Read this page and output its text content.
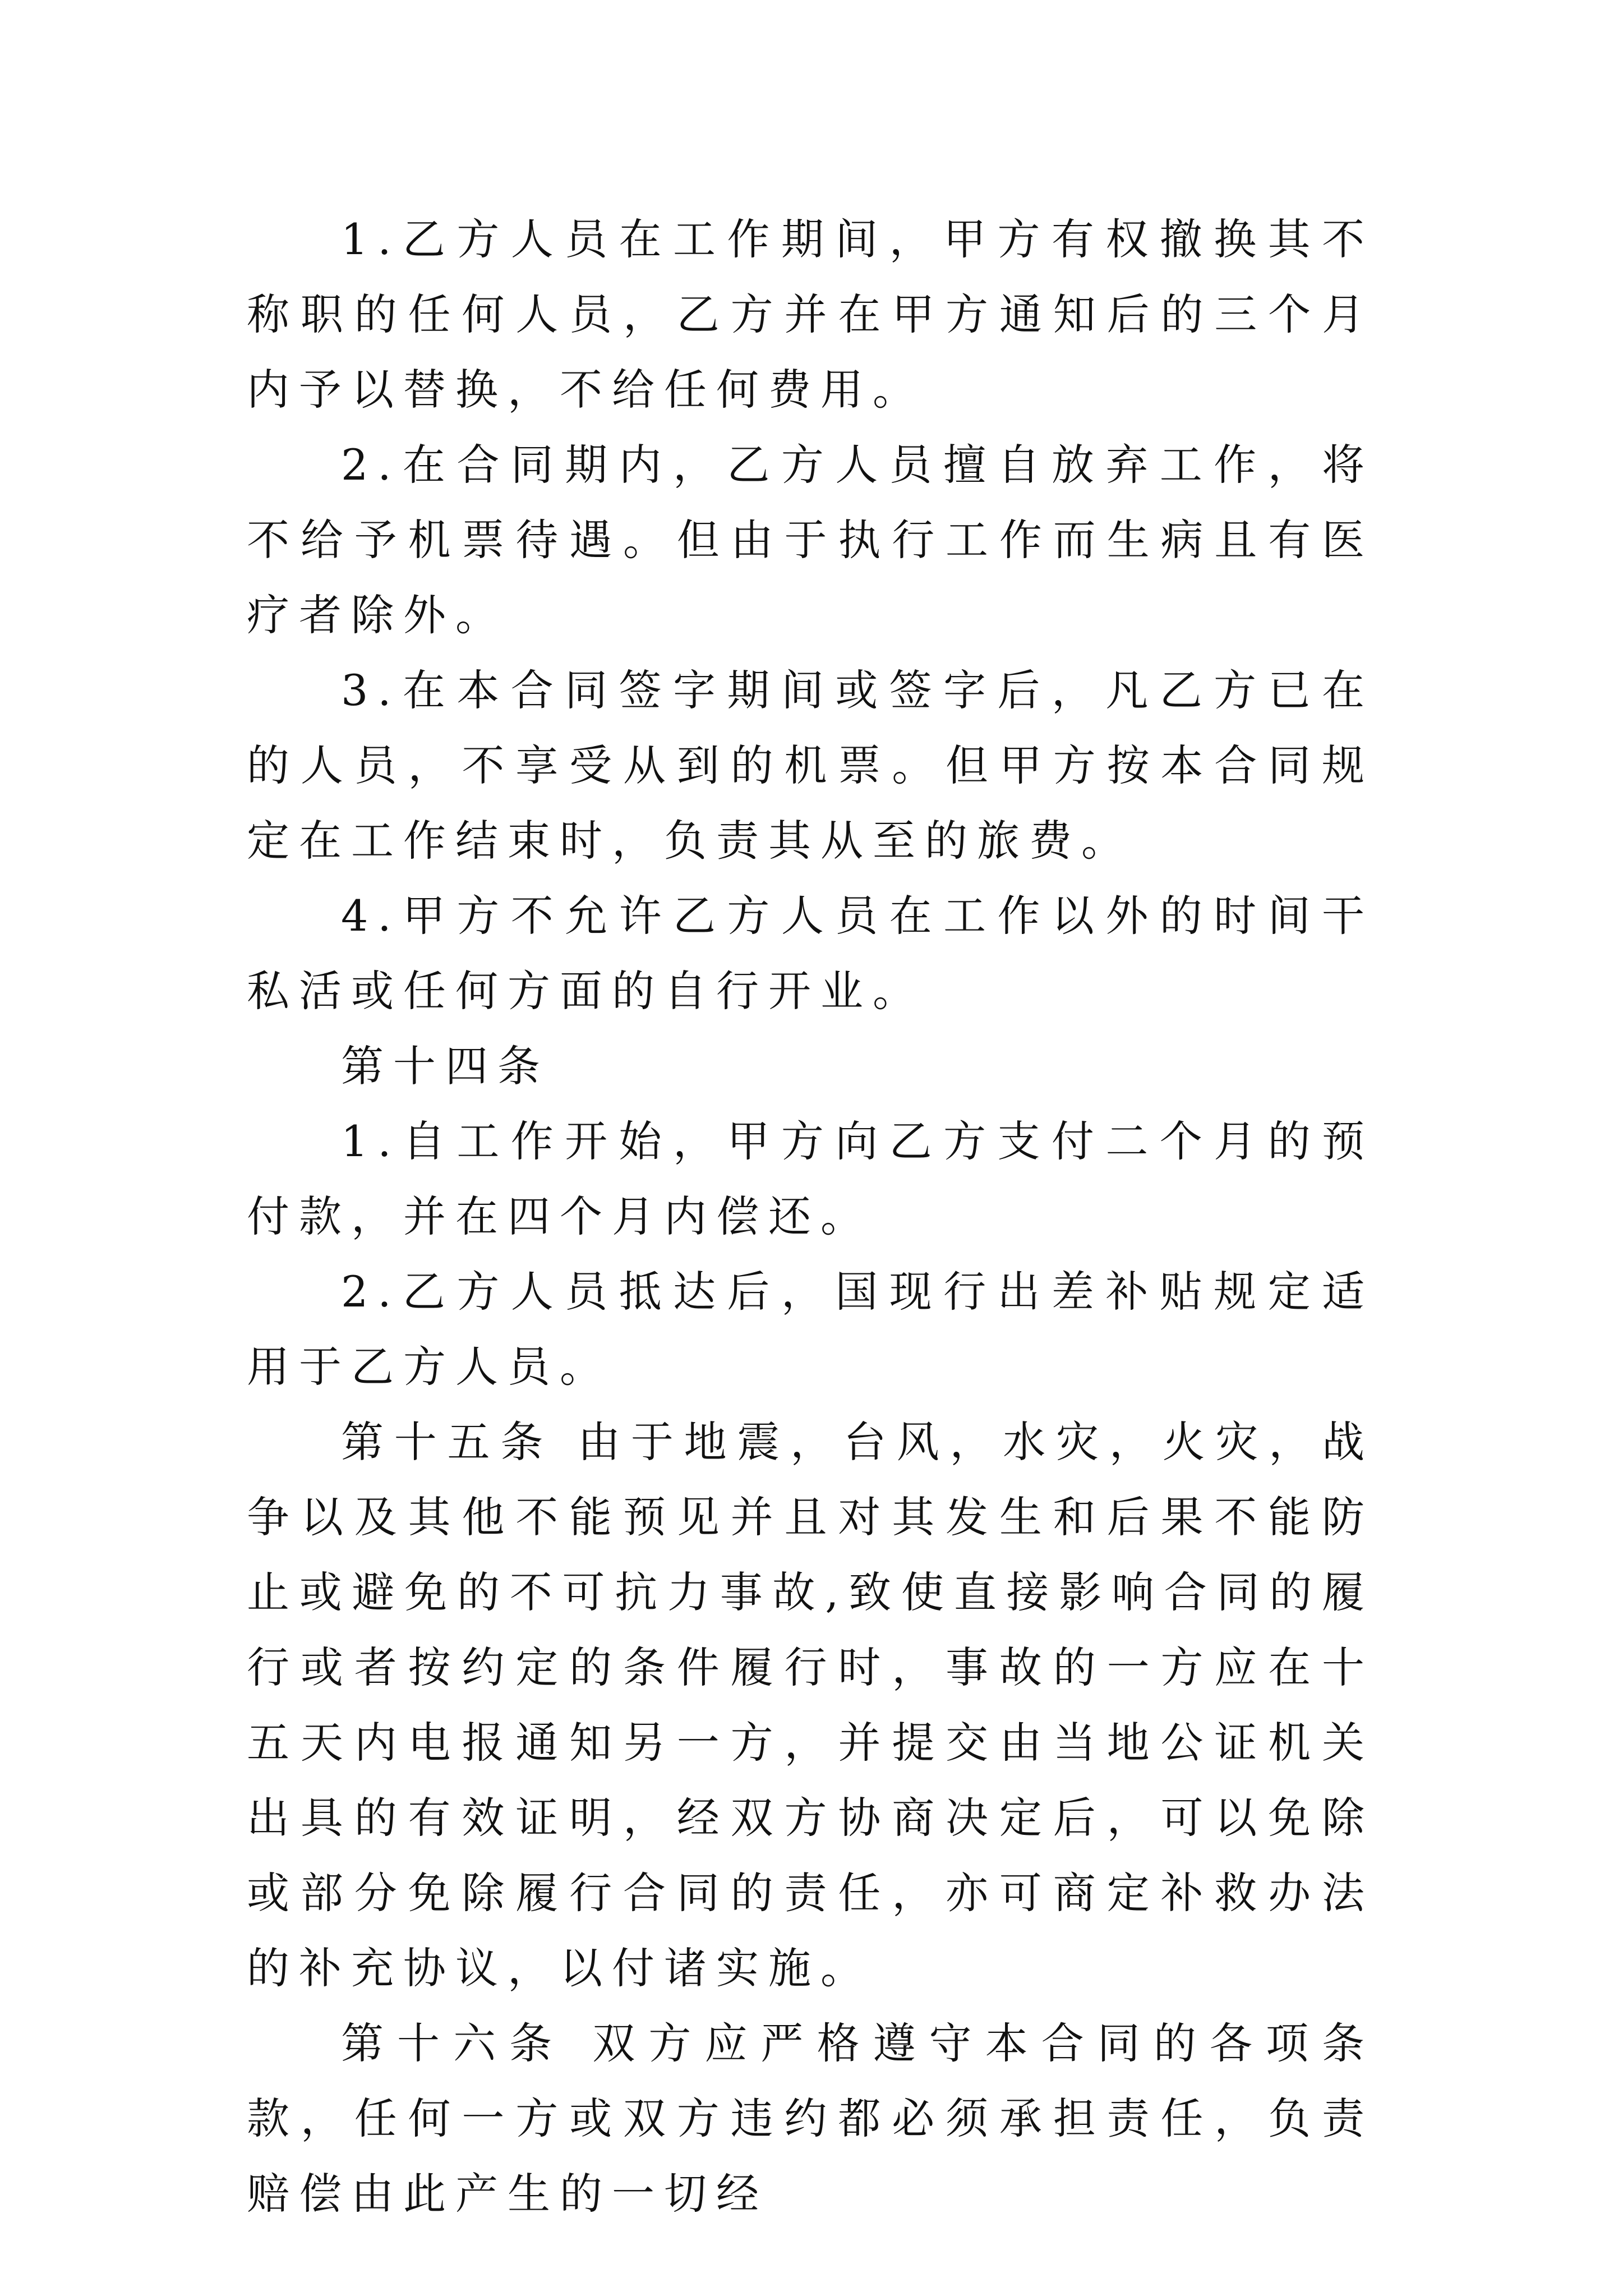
1.乙方人员在工作期间，甲方有权撤换其不称职的任何人员，乙方并在甲方通知后的三个月内予以替换，不给任何费用。

2.在合同期内，乙方人员擅自放弃工作，将不给予机票待遇。但由于执行工作而生病且有医疗者除外。

3.在本合同签字期间或签字后，凡乙方已在的人员，不享受从到的机票。但甲方按本合同规定在工作结束时，负责其从至的旅费。

4.甲方不允许乙方人员在工作以外的时间干私活或任何方面的自行开业。

第十四条

1.自工作开始，甲方向乙方支付二个月的预付款，并在四个月内偿还。

2.乙方人员抵达后，国现行出差补贴规定适用于乙方人员。

第十五条 由于地震，台风，水灾，火灾，战争以及其他不能预见并且对其发生和后果不能防止或避免的不可抗力事故,致使直接影响合同的履行或者按约定的条件履行时，事故的一方应在十五天内电报通知另一方，并提交由当地公证机关出具的有效证明，经双方协商决定后，可以免除或部分免除履行合同的责任，亦可商定补救办法的补充协议，以付诸实施。

第十六条 双方应严格遵守本合同的各项条款，任何一方或双方违约都必须承担责任，负责赔偿由此产生的一切经
